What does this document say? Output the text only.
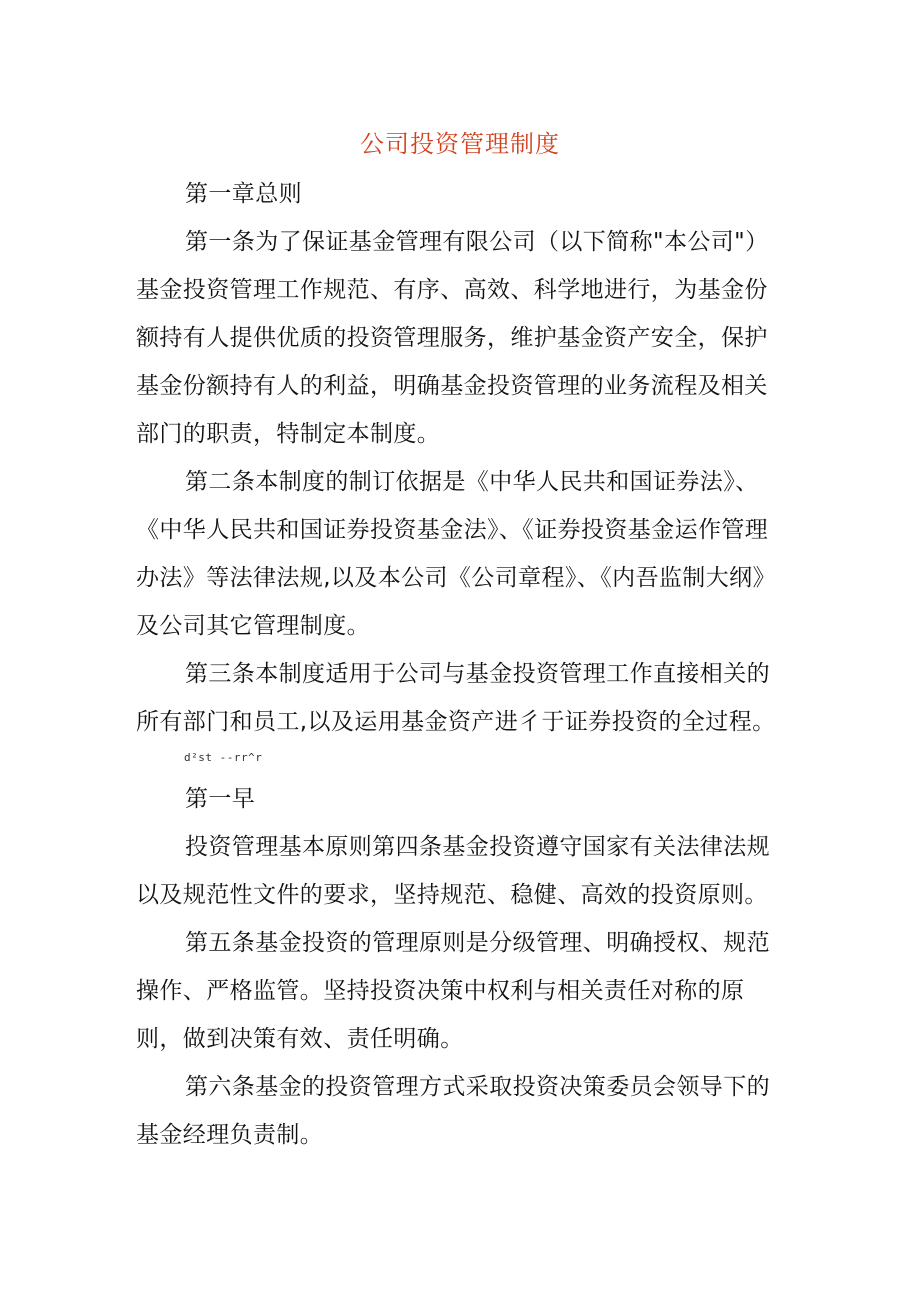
公司投资管理制度

第一章总则

第一条为了保证基金管理有限公司（以下简称"本公司"）基金投资管理工作规范、有序、高效、科学地进行，为基金份额持有人提供优质的投资管理服务，维护基金资产安全，保护基金份额持有人的利益，明确基金投资管理的业务流程及相关部门的职责，特制定本制度。

第二条本制度的制订依据是《中华人民共和国证券法》、《中华人民共和国证券投资基金法》、《证券投资基金运作管理办法》等法律法规,以及本公司《公司章程》、《内吾监制大纲》及公司其它管理制度。

第三条本制度适用于公司与基金投资管理工作直接相关的所有部门和员工,以及运用基金资产进彳于证券投资的全过程。

d²st --rr^r

第一早

投资管理基本原则第四条基金投资遵守国家有关法律法规以及规范性文件的要求，坚持规范、稳健、高效的投资原则。

第五条基金投资的管理原则是分级管理、明确授权、规范操作、严格监管。坚持投资决策中权利与相关责任对称的原则，做到决策有效、责任明确。

第六条基金的投资管理方式采取投资决策委员会领导下的基金经理负责制。
